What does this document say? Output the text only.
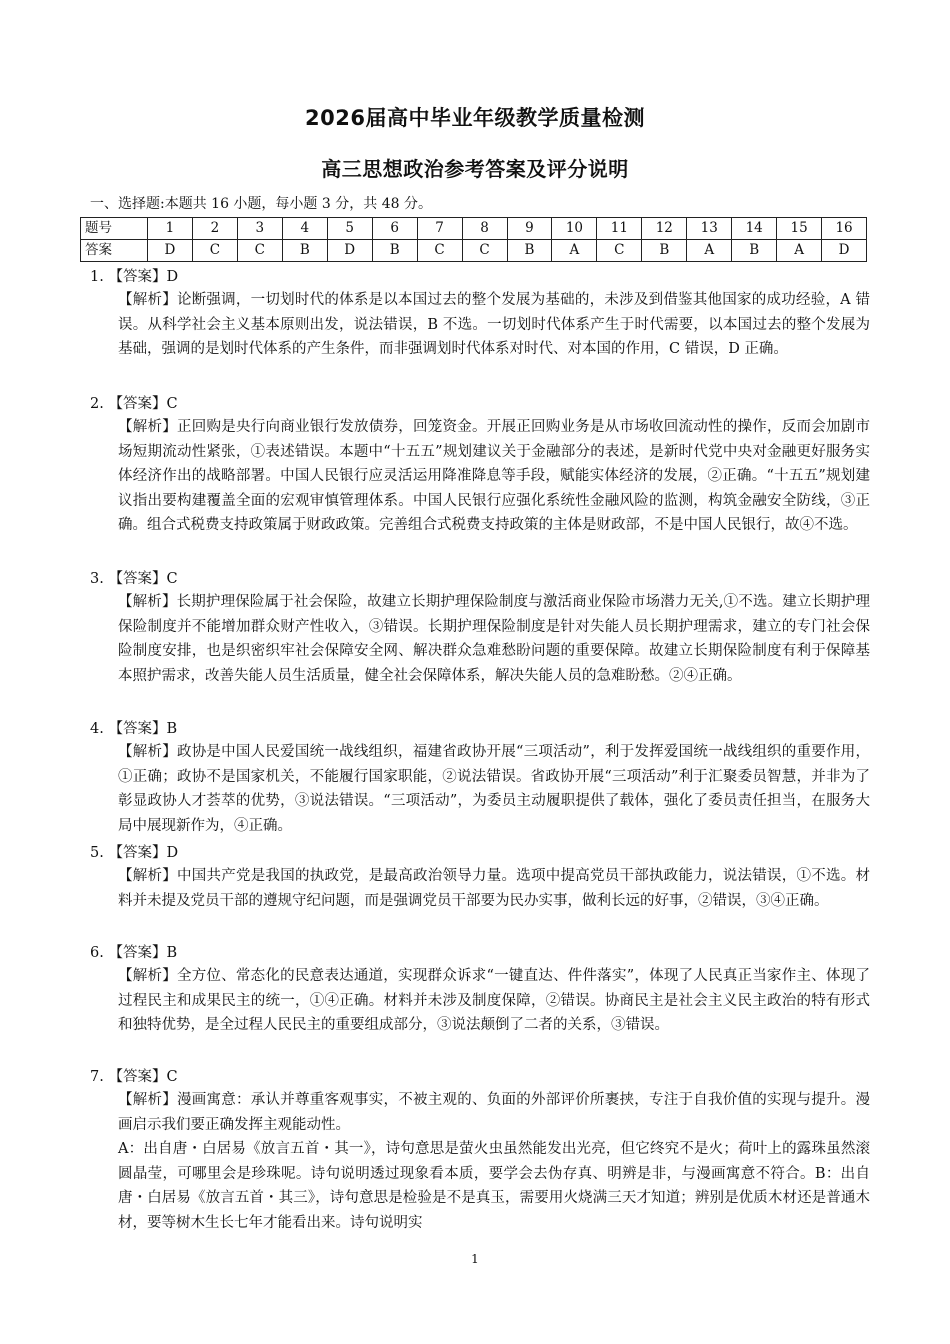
2026届高中毕业年级教学质量检测
高三思想政治参考答案及评分说明
一、选择题:本题共 16 小题，每小题 3 分，共 48 分。
题号	1	2	3	4	5	6	7	8	9	10	11	12	13	14	15	16
答案	D	C	C	B	D	B	C	C	B	A	C	B	A	B	A	D
1. 【答案】D

【解析】论断强调，一切划时代的体系是以本国过去的整个发展为基础的，未涉及到借鉴其他国家的成功经验，A 错误。从科学社会主义基本原则出发，说法错误，B 不选。一切划时代体系产生于时代需要，以本国过去的整个发展为基础，强调的是划时代体系的产生条件，而非强调划时代体系对时代、对本国的作用，C 错误，D 正确。

2. 【答案】C

【解析】正回购是央行向商业银行发放债券，回笼资金。开展正回购业务是从市场收回流动性的操作，反而会加剧市场短期流动性紧张，①表述错误。本题中“十五五”规划建议关于金融部分的表述，是新时代党中央对金融更好服务实体经济作出的战略部署。中国人民银行应灵活运用降准降息等手段，赋能实体经济的发展，②正确。“十五五”规划建议指出要构建覆盖全面的宏观审慎管理体系。中国人民银行应强化系统性金融风险的监测，构筑金融安全防线，③正确。组合式税费支持政策属于财政政策。完善组合式税费支持政策的主体是财政部，不是中国人民银行，故④不选。

3. 【答案】C

【解析】长期护理保险属于社会保险，故建立长期护理保险制度与激活商业保险市场潜力无关,①不选。建立长期护理保险制度并不能增加群众财产性收入，③错误。长期护理保险制度是针对失能人员长期护理需求，建立的专门社会保险制度安排，也是织密织牢社会保障安全网、解决群众急难愁盼问题的重要保障。故建立长期保险制度有利于保障基本照护需求，改善失能人员生活质量，健全社会保障体系，解决失能人员的急难盼愁。②④正确。

4. 【答案】B

【解析】政协是中国人民爱国统一战线组织，福建省政协开展“三项活动”，利于发挥爱国统一战线组织的重要作用，①正确；政协不是国家机关，不能履行国家职能，②说法错误。省政协开展“三项活动”利于汇聚委员智慧，并非为了彰显政协人才荟萃的优势，③说法错误。“三项活动”，为委员主动履职提供了载体，强化了委员责任担当，在服务大局中展现新作为，④正确。

5. 【答案】D

【解析】中国共产党是我国的执政党，是最高政治领导力量。选项中提高党员干部执政能力，说法错误，①不选。材料并未提及党员干部的遵规守纪问题，而是强调党员干部要为民办实事，做利长远的好事，②错误，③④正确。

6. 【答案】B

【解析】全方位、常态化的民意表达通道，实现群众诉求“一键直达、件件落实”，体现了人民真正当家作主、体现了过程民主和成果民主的统一，①④正确。材料并未涉及制度保障，②错误。协商民主是社会主义民主政治的特有形式和独特优势，是全过程人民民主的重要组成部分，③说法颠倒了二者的关系，③错误。

7. 【答案】C

【解析】漫画寓意：承认并尊重客观事实，不被主观的、负面的外部评价所裹挟，专注于自我价值的实现与提升。漫画启示我们要正确发挥主观能动性。

A：出自唐・白居易《放言五首・其一》，诗句意思是萤火虫虽然能发出光亮，但它终究不是火；荷叶上的露珠虽然滚圆晶莹，可哪里会是珍珠呢。诗句说明透过现象看本质，要学会去伪存真、明辨是非，与漫画寓意不符合。B：出自唐・白居易《放言五首・其三》，诗句意思是检验是不是真玉，需要用火烧满三天才知道；辨别是优质木材还是普通木材，要等树木生长七年才能看出来。诗句说明实

1
